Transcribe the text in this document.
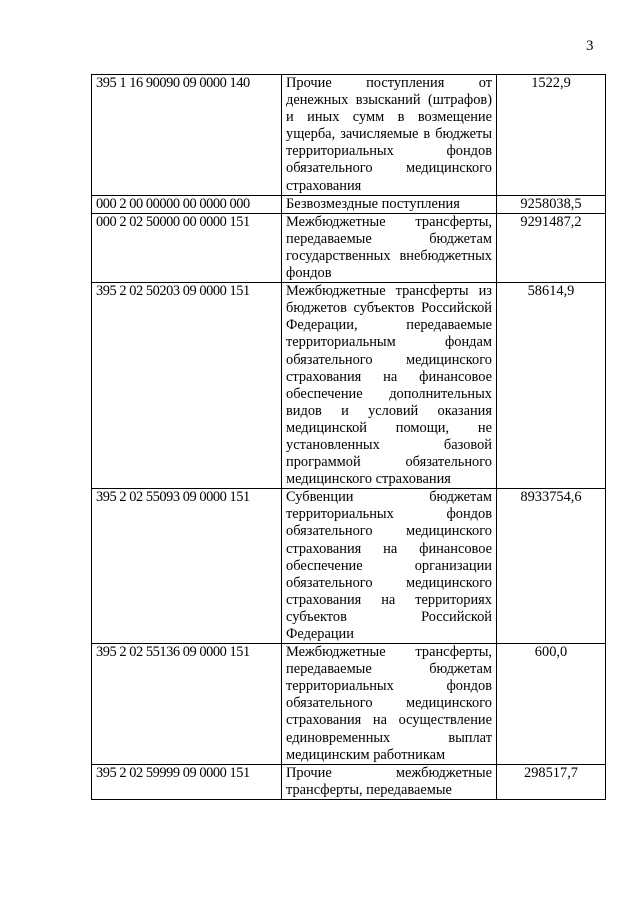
3
395 1 16 90090 09 0000 140	Прочие поступления от денежных взысканий (штрафов) и иных сумм в возмещение ущерба, зачисляемые в бюджеты территориальных фондов обязательного медицинского страхования	1522,9
000 2 00 00000 00 0000 000	Безвозмездные поступления	9258038,5
000 2 02 50000 00 0000 151	Межбюджетные трансферты, передаваемые бюджетам государственных внебюджетных фондов	9291487,2
395 2 02 50203 09 0000 151	Межбюджетные трансферты из бюджетов субъектов Российской Федерации, передаваемые территориальным фондам обязательного медицинского страхования на финансовое обеспечение дополнительных видов и условий оказания медицинской помощи, не установленных базовой программой обязательного медицинского страхования	58614,9
395 2 02 55093 09 0000 151	Субвенции бюджетам территориальных фондов обязательного медицинского страхования на финансовое обеспечение организации обязательного медицинского страхования на территориях субъектов Российской Федерации	8933754,6
395 2 02 55136 09 0000 151	Межбюджетные трансферты, передаваемые бюджетам территориальных фондов обязательного медицинского страхования на осуществление единовременных выплат медицинским работникам	600,0
395 2 02 59999 09 0000 151	Прочие межбюджетные трансферты, передаваемые	298517,7
